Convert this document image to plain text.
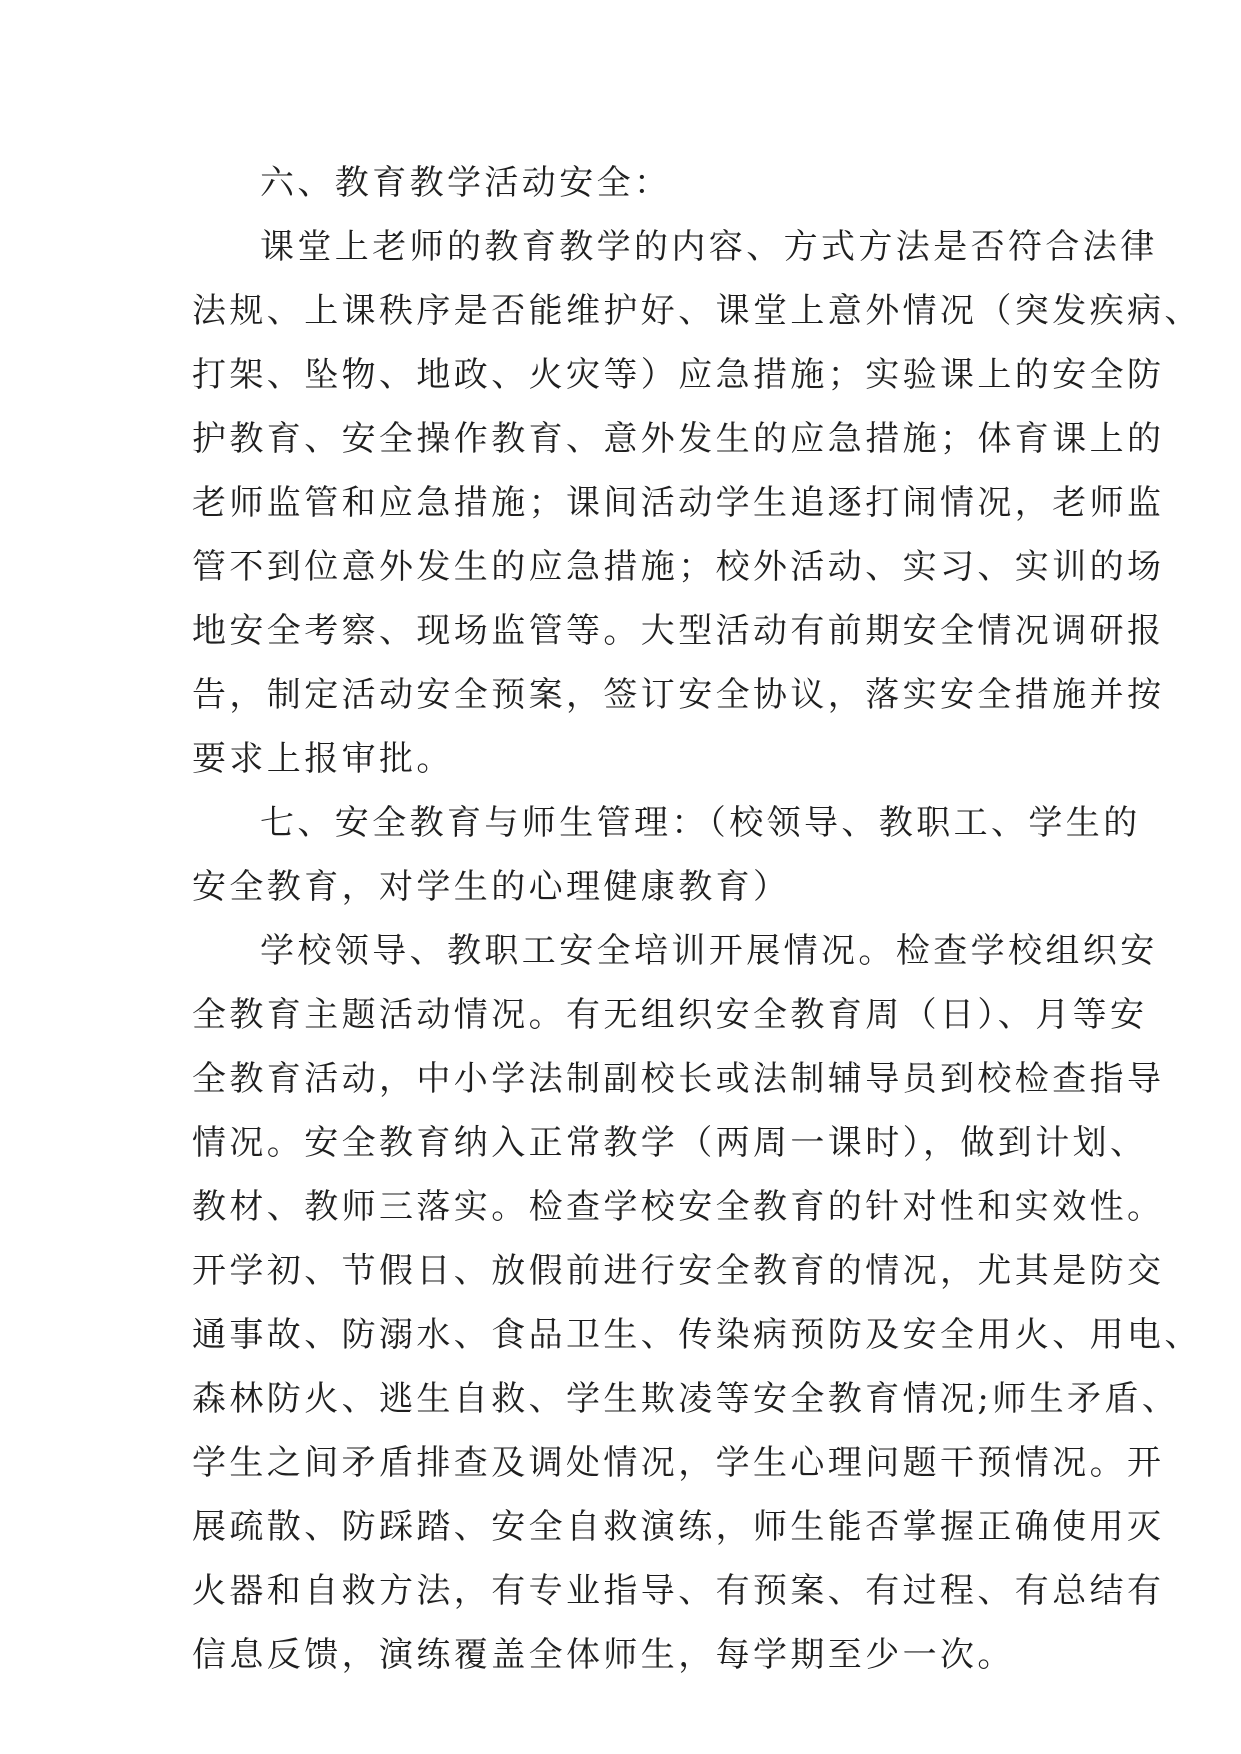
六、教育教学活动安全：
课堂上老师的教育教学的内容、方式方法是否符合法律
法规、上课秩序是否能维护好、课堂上意外情况（突发疾病、
打架、坠物、地政、火灾等）应急措施；实验课上的安全防
护教育、安全操作教育、意外发生的应急措施；体育课上的
老师监管和应急措施；课间活动学生追逐打闹情况，老师监
管不到位意外发生的应急措施；校外活动、实习、实训的场
地安全考察、现场监管等。大型活动有前期安全情况调研报
告，制定活动安全预案，签订安全协议，落实安全措施并按
要求上报审批。
七、安全教育与师生管理：（校领导、教职工、学生的
安全教育，对学生的心理健康教育）
学校领导、教职工安全培训开展情况。检查学校组织安
全教育主题活动情况。有无组织安全教育周（日）、月等安
全教育活动，中小学法制副校长或法制辅导员到校检查指导
情况。安全教育纳入正常教学（两周一课时），做到计划、
教材、教师三落实。检查学校安全教育的针对性和实效性。
开学初、节假日、放假前进行安全教育的情况，尤其是防交
通事故、防溺水、食品卫生、传染病预防及安全用火、用电、
森林防火、逃生自救、学生欺凌等安全教育情况;师生矛盾、
学生之间矛盾排查及调处情况，学生心理问题干预情况。开
展疏散、防踩踏、安全自救演练，师生能否掌握正确使用灭
火器和自救方法，有专业指导、有预案、有过程、有总结有
信息反馈，演练覆盖全体师生，每学期至少一次。
